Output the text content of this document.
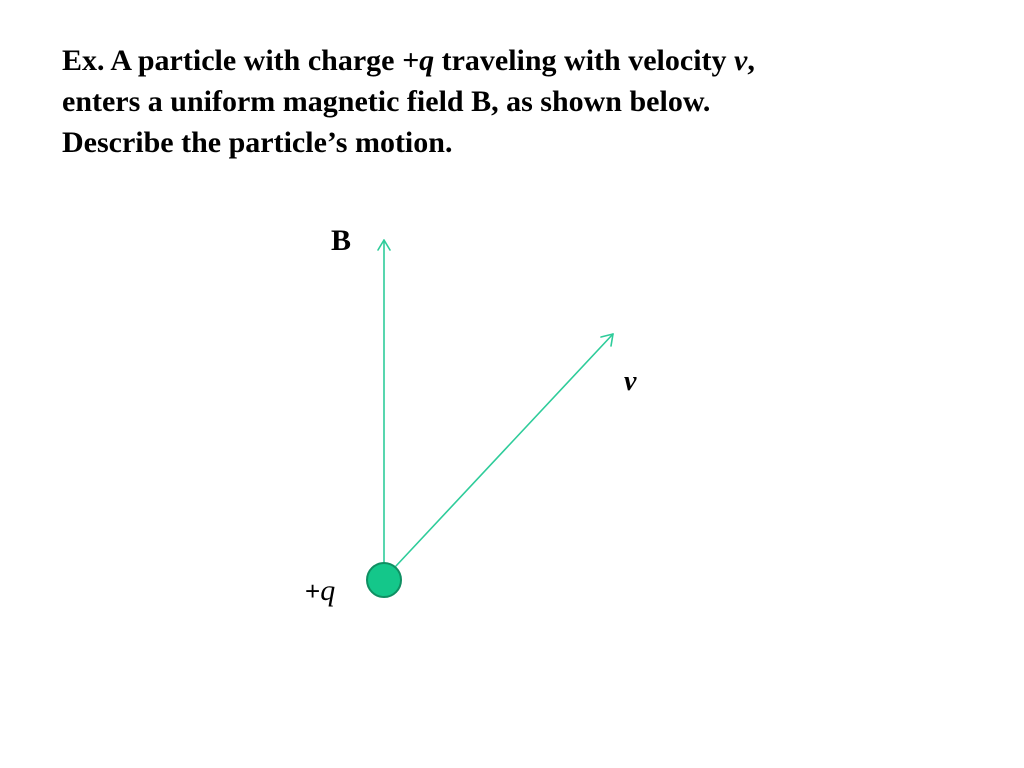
Ex. A particle with charge +q traveling with velocity v,
enters a uniform magnetic field B, as shown below.
Describe the particle’s motion.

B
v
+q
